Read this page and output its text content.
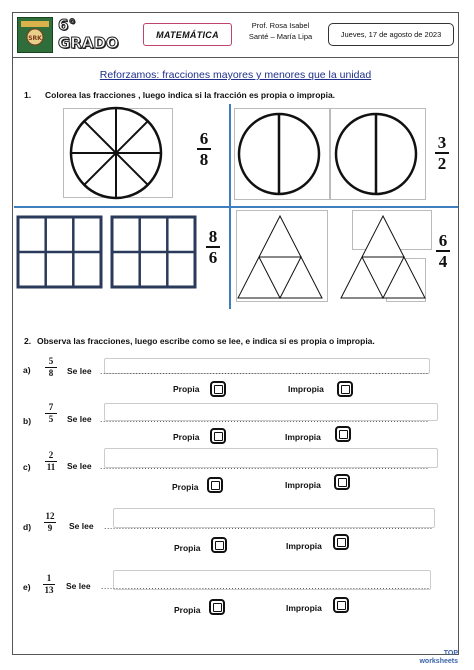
SRK
6° GRADO	MATEMÁTICA
Prof. Rosa Isabel
Santé – María Lipa	Jueves, 17 de agosto de 2023
Reforzamos: fracciones mayores y menores que la unidad
1. Colorea las fracciones , luego indica si la fracción es propia o impropia.
6
8
3
2
8
6
6
4
2. Observa las fracciones, luego escribe como se lee, e indica si es propia o impropia.
a)
5
8	Se lee ...............................................................................................................
Propia	Impropia
b)
7
5	Se lee ...............................................................................................................
Propia	Impropia
c)
2
11	Se lee ...............................................................................................................
Propia	Impropia
d)
12
9	Se lee ...............................................................................................................
Propia	Impropia
e)
1
13	Se lee ...............................................................................................................
Propia	Impropia
TOP
worksheets
